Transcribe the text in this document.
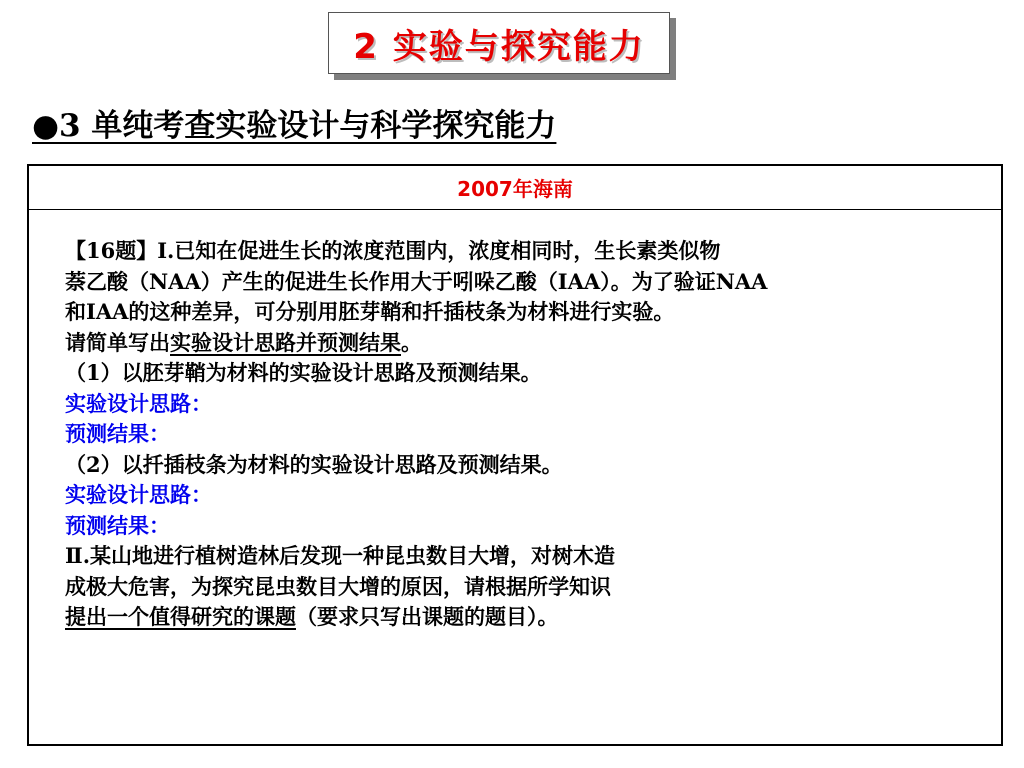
2 实验与探究能力
●3 单纯考查实验设计与科学探究能力
2007年海南
【16题】Ⅰ.已知在促进生长的浓度范围内，浓度相同时，生长素类似物
萘乙酸（NAA）产生的促进生长作用大于吲哚乙酸（IAA）。为了验证NAA
和IAA的这种差异，可分别用胚芽鞘和扦插枝条为材料进行实验。
请简单写出实验设计思路并预测结果。
（1）以胚芽鞘为材料的实验设计思路及预测结果。
实验设计思路：
预测结果：
（2）以扦插枝条为材料的实验设计思路及预测结果。
实验设计思路：
预测结果：
Ⅱ.某山地进行植树造林后发现一种昆虫数目大增，对树木造
成极大危害，为探究昆虫数目大增的原因，请根据所学知识
提出一个值得研究的课题（要求只写出课题的题目）。
